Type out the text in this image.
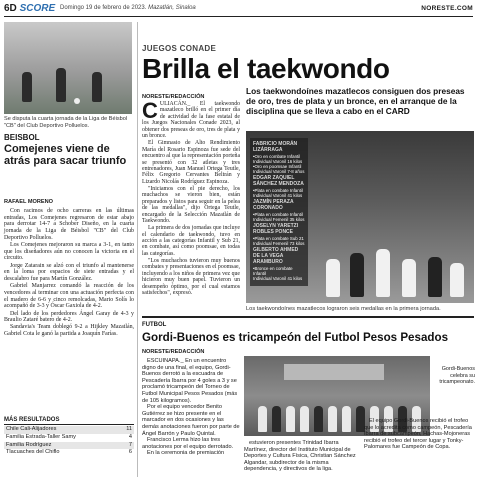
6D SCORE Domingo 19 de febrero de 2023. Mazatlán, Sinaloa	NORESTE.COM
Se disputa la cuarta jornada de la Liga de Béisbol "CB" del Club Deportivo Polluelos.
BEISBOL
Comejenes viene de atrás para sacar triunfo
RAFAEL MORENO

Con racimos de ocho carreras en las últimas entradas, Los Comejenes regresaron de estar abajo para derrotar 14-7 a Schober Diseño, en la cuarta jornada de la Liga de Béisbol "CB" del Club Deportivo Polluelos.

Los Comejenes mejoraron su marca a 3-1, en tanto que los diseñadores aún no conocen la victoria en el circuito.

Jorge Zatarain se alzó con el triunfo al mantenerse en la loma por espacios de siete entradas y el descalabro fue para Martín González.

Gabriel Manjarrez comandó la reacción de los vencedores al terminar con una actuación perfecta con el madero de 6-6 y cinco remolcadas, Mario Solís lo acompañó de 3-3 y Óscar Gaxiola de 4-2.

Del lado de los perdedores Ángel Garay de 4-3 y Braulio Zataré batero de 4-2.

Sandavia's Team doblegó 9-2 a Hijkley Mazatlán, Gabriel Cota le ganó la partida a Joaquín Farías.

MÁS RESULTADOS
Chile Cali-Alijadores	11
Familia Estrada-Taller Samy	4
Familia Rodríguez	7
Tlacuaches del Chiflo	6
JUEGOS CONADE
Brilla el taekwondo
NORESTE/REDACCIÓN
Los taekwondoínes mazatlecos consiguen dos preseas de oro, tres de plata y un bronce, en el arranque de la disciplina que se lleva a cabo en el CARD

CULIACÁN._ El taekwondo mazatleco brilló en el primer día de actividad de la fase estatal de los Juegos Nacionales Conade 2023, al obtener dos preseas de oro, tres de plata y un bronce.

El Gimnasio de Alto Rendimiento María del Rosario Espinoza fue sede del encuentro al que la representación porteña se presentó con 32 atletas y tres entrenadores, Juan Manuel Ortega Teutle, Félix Gregorio Cervantes Beltrán y Lizardo Nicolás Rodríguez Espinoza.

"Iniciamos con el pie derecho, los muchachos se vieron bien, están preparados y listos para seguir en la pelea de las medallas", dijo Ortega Teutle, encargado de la Selección Mazatlán de Taekwondo.

La primera de dos jornadas que incluye el calendario de taekwondo, tuvo en acción a las categorías Infantil y Sub 21, en combate, así como poomsae, en todas las categorías.

"Los muchachos tuvieron muy buenos combates y presentaciones en el poomsae, incluyendo a los niños de primera vez que hicieron muy buen papel. Tuvieron un desempeño óptimo, por el cual estamos satisfechos", expresó.

FABRICIO MORÁN LIZÁRRAGA
•Oro en combate Infantil
Individual Varonil 16 kilos
•Oro en poomsae Infantil
Individual Varonil 7-8 años
EDGAR ZAQUIEL SÁNCHEZ MENDOZA
•Plata en combate Infantil
Individual Varonil 41 kilos
JAZMÍN PERAZA CORONADO
•Plata en combate Infantil
Individual Femenil 35 kilos
JOSELYN YARETZI ROBLES PONCE
•Plata en combate Sub 21
Individual Femenil 73 kilos
GILBERTO AHMED DE LA VEGA ARAMBURO
•Bronce en combate Infantil
Individual Varonil 41 kilos
Los taekwondoínes mazatlecos lograron seis medallas en la primera jornada.
FUTBOL
Gordi-Buenos es tricampeón del Futbol Pesos Pesados
NORESTE/REDACCIÓN

ESCUINAPA._ En un encuentro digno de una final, el equipo, Gordi-Buenos derrotó a la escuadra de Pescadería Ibarra por 4 goles a 3 y se proclamó tricampeón del Torneo de Futbol Municipal Pesos Pesados (más de 105 kilogramos).

Por el equipo vencedor Benito Gutiérrez se hizo presente en el marcador en dos ocasiones y las demás anotaciones fueron por parte de Ángel Barrón y Paulo Quintal.

Francisco Lerma hizo las tres anotaciones por el equipo derrotado.

En la ceremonia de premiación

Gordi-Buenos celebra su tricampeonato.

estuvieron presentes Trinidad Ibarra Martínez, director del Instituto Municipal de Deportes y Cultura Física, Christian Sánchez Algandar, subdirector de la misma dependencia, y directivos de la liga.

El equipo Gordi-Buenos recibió el trofeo que lo acredita como campeón, Pescadería Ibarra de subcampeón, Hachas-Mojoneras recibió el trofeo del tercer lugar y Tonky-Palomares fue Campeón de Copa.
